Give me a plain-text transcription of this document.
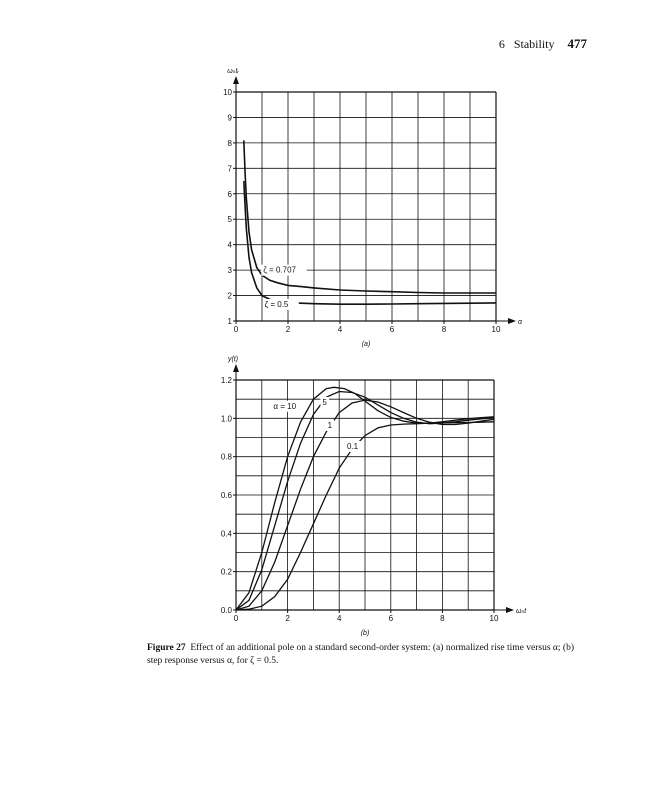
6 Stability 477
0	2	4	6	8	10
1
2
3
4
5
6
7
8
9
10
ωₙtᵣ
α
(a)
ζ = 0.707
ζ = 0.5
0	2	4	6	8	10
0.0
0.2
0.4
0.6
0.8
1.0
1.2
y(t)
ωₙt
(b)
α = 10	5
1
0.1
Figure 27 Effect of an additional pole on a standard second-order system: (a) normalized rise time versus α; (b) step response versus α, for ζ = 0.5.
